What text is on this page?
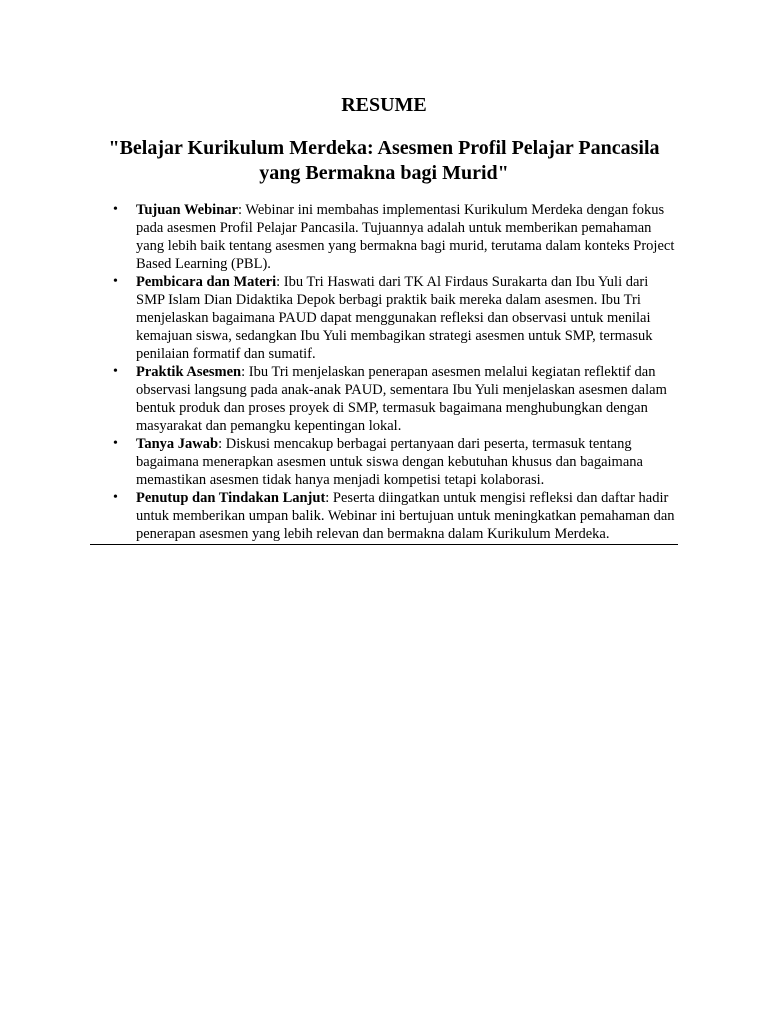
RESUME
"Belajar Kurikulum Merdeka: Asesmen Profil Pelajar Pancasila yang Bermakna bagi Murid"
• Tujuan Webinar: Webinar ini membahas implementasi Kurikulum Merdeka dengan fokus pada asesmen Profil Pelajar Pancasila. Tujuannya adalah untuk memberikan pemahaman yang lebih baik tentang asesmen yang bermakna bagi murid, terutama dalam konteks Project Based Learning (PBL).
• Pembicara dan Materi: Ibu Tri Haswati dari TK Al Firdaus Surakarta dan Ibu Yuli dari SMP Islam Dian Didaktika Depok berbagi praktik baik mereka dalam asesmen. Ibu Tri menjelaskan bagaimana PAUD dapat menggunakan refleksi dan observasi untuk menilai kemajuan siswa, sedangkan Ibu Yuli membagikan strategi asesmen untuk SMP, termasuk penilaian formatif dan sumatif.
• Praktik Asesmen: Ibu Tri menjelaskan penerapan asesmen melalui kegiatan reflektif dan observasi langsung pada anak-anak PAUD, sementara Ibu Yuli menjelaskan asesmen dalam bentuk produk dan proses proyek di SMP, termasuk bagaimana menghubungkan dengan masyarakat dan pemangku kepentingan lokal.
• Tanya Jawab: Diskusi mencakup berbagai pertanyaan dari peserta, termasuk tentang bagaimana menerapkan asesmen untuk siswa dengan kebutuhan khusus dan bagaimana memastikan asesmen tidak hanya menjadi kompetisi tetapi kolaborasi.
• Penutup dan Tindakan Lanjut: Peserta diingatkan untuk mengisi refleksi dan daftar hadir untuk memberikan umpan balik. Webinar ini bertujuan untuk meningkatkan pemahaman dan penerapan asesmen yang lebih relevan dan bermakna dalam Kurikulum Merdeka.
